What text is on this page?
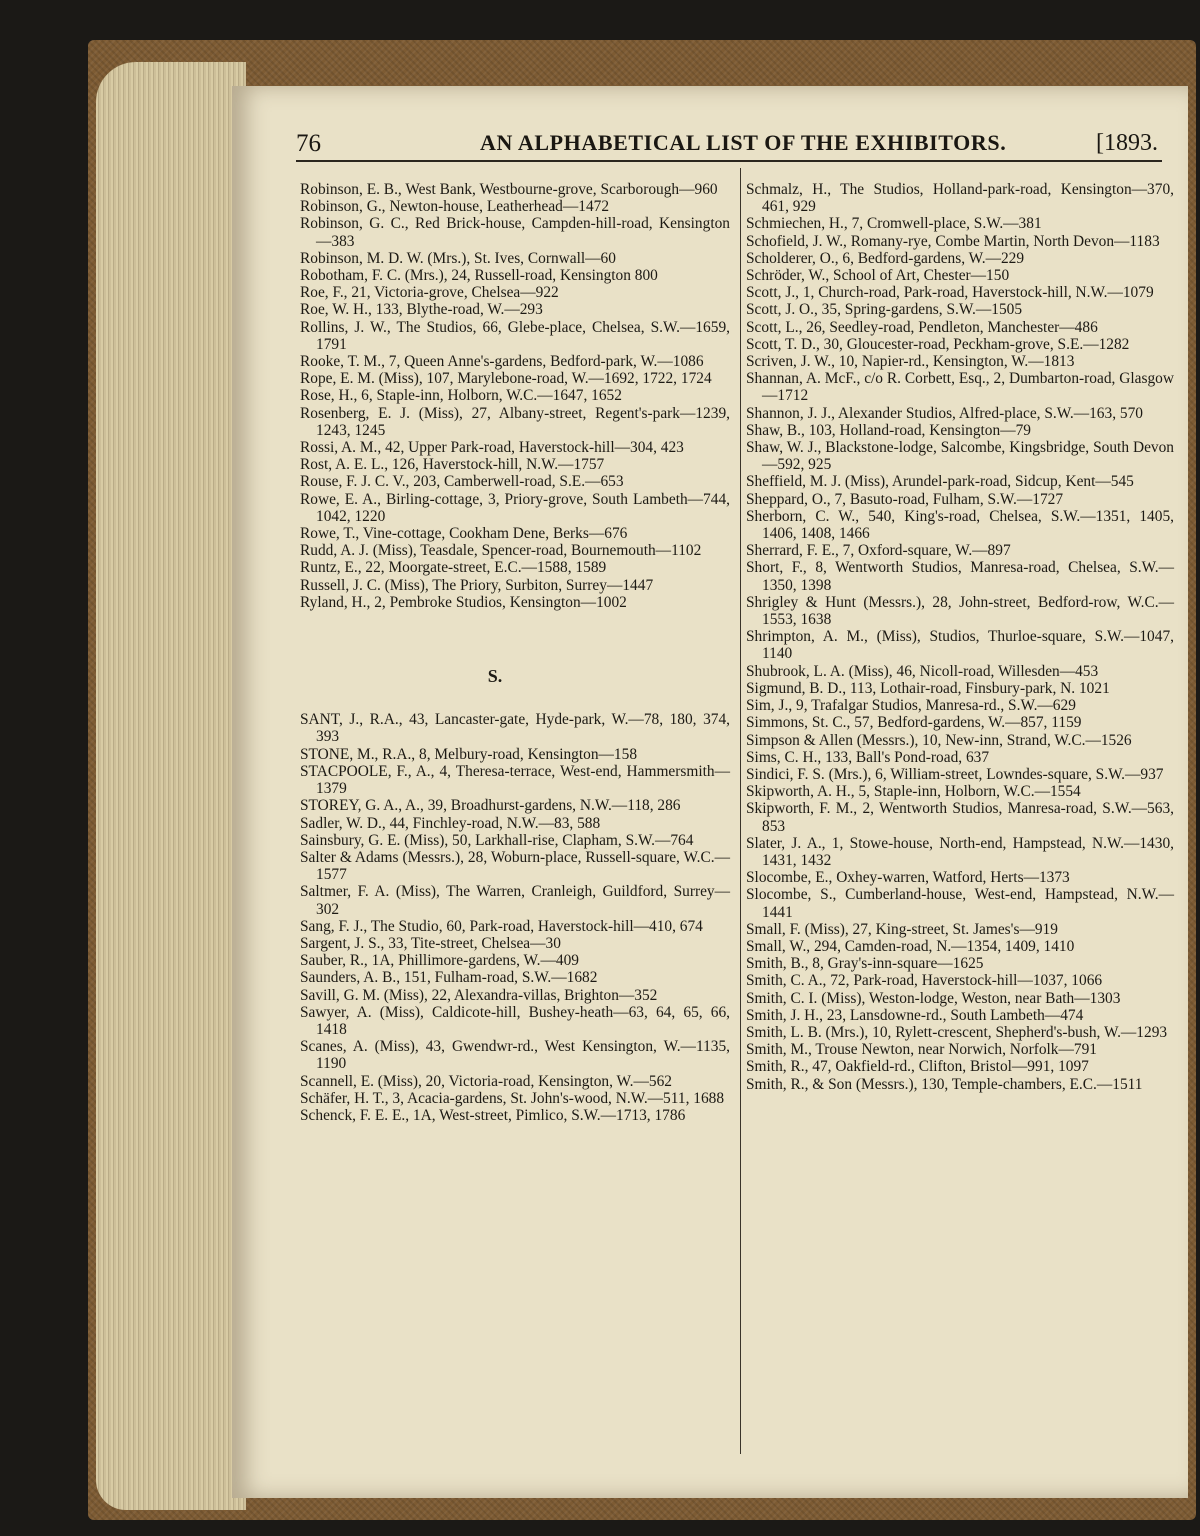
76	AN ALPHABETICAL LIST OF THE EXHIBITORS.	[1893.

Robinson, E. B., West Bank, Westbourne-grove, Scarborough—960

Robinson, G., Newton-house, Leatherhead—1472

Robinson, G. C., Red Brick-house, Campden-hill-road, Kensington—383

Robinson, M. D. W. (Mrs.), St. Ives, Cornwall—60

Robotham, F. C. (Mrs.), 24, Russell-road, Kensington 800

Roe, F., 21, Victoria-grove, Chelsea—922

Roe, W. H., 133, Blythe-road, W.—293

Rollins, J. W., The Studios, 66, Glebe-place, Chelsea, S.W.—1659, 1791

Rooke, T. M., 7, Queen Anne's-gardens, Bedford-park, W.—1086

Rope, E. M. (Miss), 107, Marylebone-road, W.—1692, 1722, 1724

Rose, H., 6, Staple-inn, Holborn, W.C.—1647, 1652

Rosenberg, E. J. (Miss), 27, Albany-street, Regent's-park—1239, 1243, 1245

Rossi, A. M., 42, Upper Park-road, Haverstock-hill—304, 423

Rost, A. E. L., 126, Haverstock-hill, N.W.—1757

Rouse, F. J. C. V., 203, Camberwell-road, S.E.—653

Rowe, E. A., Birling-cottage, 3, Priory-grove, South Lambeth—744, 1042, 1220

Rowe, T., Vine-cottage, Cookham Dene, Berks—676

Rudd, A. J. (Miss), Teasdale, Spencer-road, Bournemouth—1102

Runtz, E., 22, Moorgate-street, E.C.—1588, 1589

Russell, J. C. (Miss), The Priory, Surbiton, Surrey—1447

Ryland, H., 2, Pembroke Studios, Kensington—1002

S.

SANT, J., R.A., 43, Lancaster-gate, Hyde-park, W.—78, 180, 374, 393

STONE, M., R.A., 8, Melbury-road, Kensington—158

STACPOOLE, F., A., 4, Theresa-terrace, West-end, Hammersmith—1379

STOREY, G. A., A., 39, Broadhurst-gardens, N.W.—118, 286

Sadler, W. D., 44, Finchley-road, N.W.—83, 588

Sainsbury, G. E. (Miss), 50, Larkhall-rise, Clapham, S.W.—764

Salter & Adams (Messrs.), 28, Woburn-place, Russell-square, W.C.—1577

Saltmer, F. A. (Miss), The Warren, Cranleigh, Guildford, Surrey—302

Sang, F. J., The Studio, 60, Park-road, Haverstock-hill—410, 674

Sargent, J. S., 33, Tite-street, Chelsea—30

Sauber, R., 1A, Phillimore-gardens, W.—409

Saunders, A. B., 151, Fulham-road, S.W.—1682

Savill, G. M. (Miss), 22, Alexandra-villas, Brighton—352

Sawyer, A. (Miss), Caldicote-hill, Bushey-heath—63, 64, 65, 66, 1418

Scanes, A. (Miss), 43, Gwendwr-rd., West Kensington, W.—1135, 1190

Scannell, E. (Miss), 20, Victoria-road, Kensington, W.—562

Schäfer, H. T., 3, Acacia-gardens, St. John's-wood, N.W.—511, 1688

Schenck, F. E. E., 1A, West-street, Pimlico, S.W.—1713, 1786

Schmalz, H., The Studios, Holland-park-road, Kensington—370, 461, 929

Schmiechen, H., 7, Cromwell-place, S.W.—381

Schofield, J. W., Romany-rye, Combe Martin, North Devon—1183

Scholderer, O., 6, Bedford-gardens, W.—229

Schröder, W., School of Art, Chester—150

Scott, J., 1, Church-road, Park-road, Haverstock-hill, N.W.—1079

Scott, J. O., 35, Spring-gardens, S.W.—1505

Scott, L., 26, Seedley-road, Pendleton, Manchester—486

Scott, T. D., 30, Gloucester-road, Peckham-grove, S.E.—1282

Scriven, J. W., 10, Napier-rd., Kensington, W.—1813

Shannan, A. McF., c/o R. Corbett, Esq., 2, Dumbarton-road, Glasgow—1712

Shannon, J. J., Alexander Studios, Alfred-place, S.W.—163, 570

Shaw, B., 103, Holland-road, Kensington—79

Shaw, W. J., Blackstone-lodge, Salcombe, Kingsbridge, South Devon—592, 925

Sheffield, M. J. (Miss), Arundel-park-road, Sidcup, Kent—545

Sheppard, O., 7, Basuto-road, Fulham, S.W.—1727

Sherborn, C. W., 540, King's-road, Chelsea, S.W.—1351, 1405, 1406, 1408, 1466

Sherrard, F. E., 7, Oxford-square, W.—897

Short, F., 8, Wentworth Studios, Manresa-road, Chelsea, S.W.—1350, 1398

Shrigley & Hunt (Messrs.), 28, John-street, Bedford-row, W.C.—1553, 1638

Shrimpton, A. M., (Miss), Studios, Thurloe-square, S.W.—1047, 1140

Shubrook, L. A. (Miss), 46, Nicoll-road, Willesden—453

Sigmund, B. D., 113, Lothair-road, Finsbury-park, N. 1021

Sim, J., 9, Trafalgar Studios, Manresa-rd., S.W.—629

Simmons, St. C., 57, Bedford-gardens, W.—857, 1159

Simpson & Allen (Messrs.), 10, New-inn, Strand, W.C.—1526

Sims, C. H., 133, Ball's Pond-road, 637

Sindici, F. S. (Mrs.), 6, William-street, Lowndes-square, S.W.—937

Skipworth, A. H., 5, Staple-inn, Holborn, W.C.—1554

Skipworth, F. M., 2, Wentworth Studios, Manresa-road, S.W.—563, 853

Slater, J. A., 1, Stowe-house, North-end, Hampstead, N.W.—1430, 1431, 1432

Slocombe, E., Oxhey-warren, Watford, Herts—1373

Slocombe, S., Cumberland-house, West-end, Hampstead, N.W.—1441

Small, F. (Miss), 27, King-street, St. James's—919

Small, W., 294, Camden-road, N.—1354, 1409, 1410

Smith, B., 8, Gray's-inn-square—1625

Smith, C. A., 72, Park-road, Haverstock-hill—1037, 1066

Smith, C. I. (Miss), Weston-lodge, Weston, near Bath—1303

Smith, J. H., 23, Lansdowne-rd., South Lambeth—474

Smith, L. B. (Mrs.), 10, Rylett-crescent, Shepherd's-bush, W.—1293

Smith, M., Trouse Newton, near Norwich, Norfolk—791

Smith, R., 47, Oakfield-rd., Clifton, Bristol—991, 1097

Smith, R., & Son (Messrs.), 130, Temple-chambers, E.C.—1511
